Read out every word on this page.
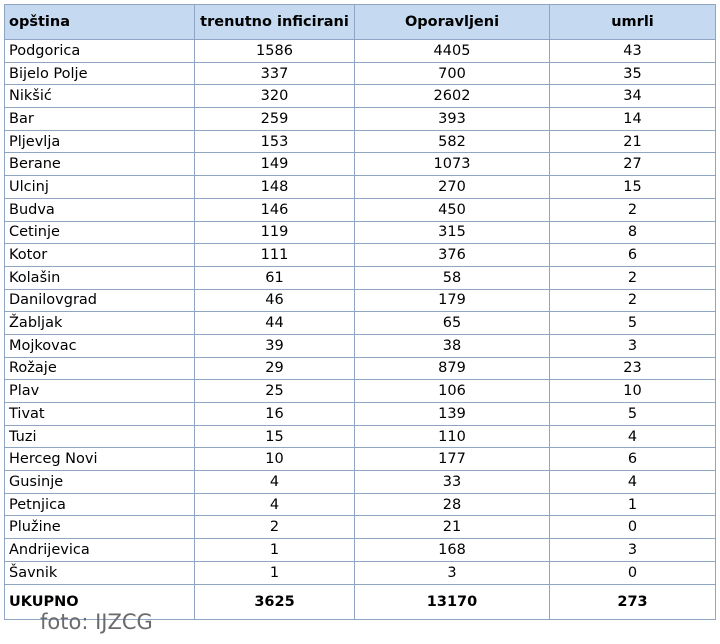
opština	trenutno inficirani	Oporavljeni	umrli
Podgorica	1586	4405	43
Bijelo Polje	337	700	35
Nikšić	320	2602	34
Bar	259	393	14
Pljevlja	153	582	21
Berane	149	1073	27
Ulcinj	148	270	15
Budva	146	450	2
Cetinje	119	315	8
Kotor	111	376	6
Kolašin	61	58	2
Danilovgrad	46	179	2
Žabljak	44	65	5
Mojkovac	39	38	3
Rožaje	29	879	23
Plav	25	106	10
Tivat	16	139	5
Tuzi	15	110	4
Herceg Novi	10	177	6
Gusinje	4	33	4
Petnjica	4	28	1
Plužine	2	21	0
Andrijevica	1	168	3
Šavnik	1	3	0
UKUPNO	3625	13170	273
foto: IJZCG
